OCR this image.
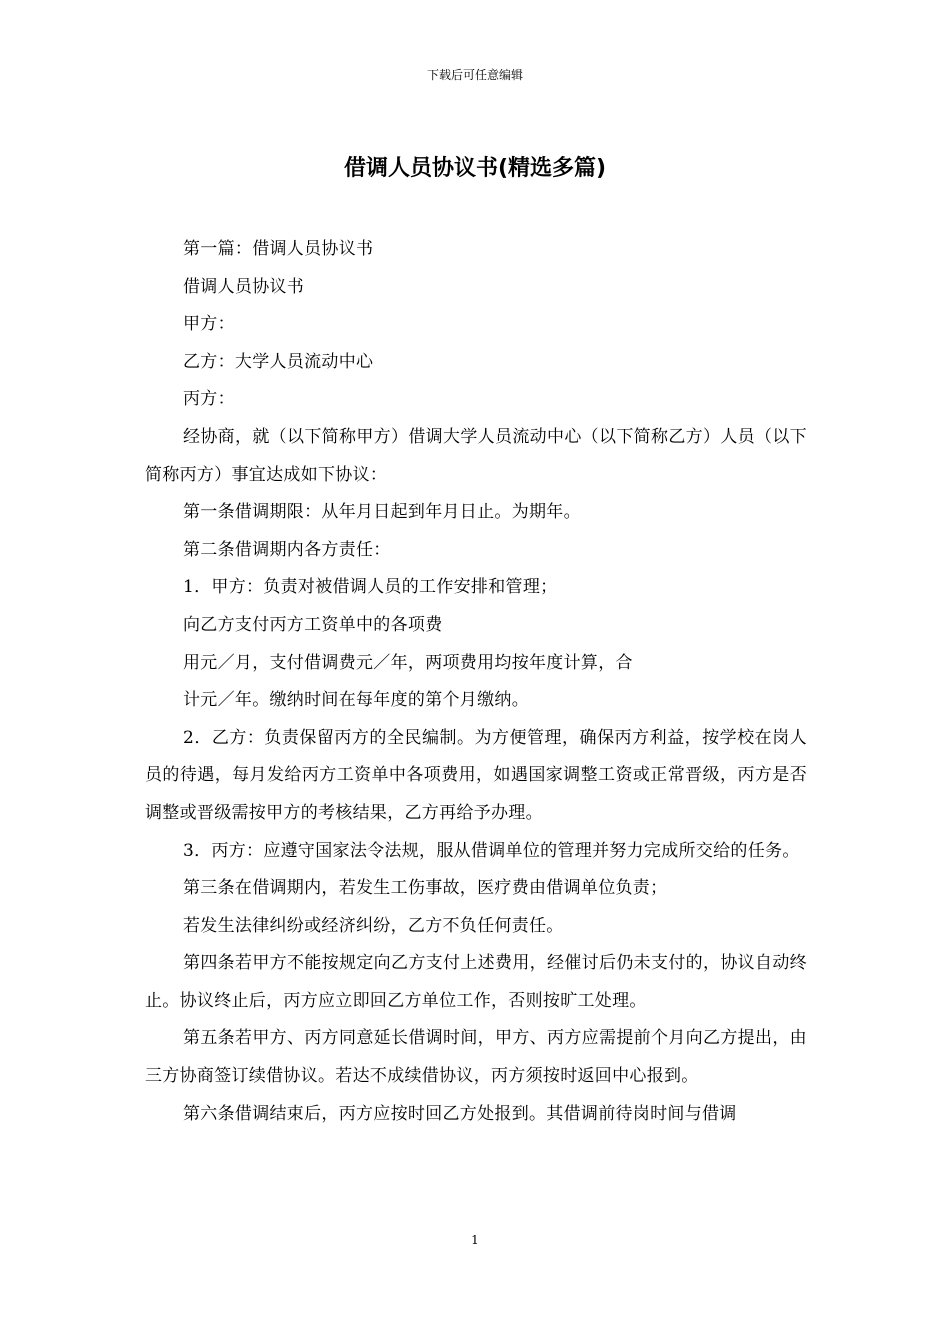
下载后可任意编辑
借调人员协议书(精选多篇)

第一篇：借调人员协议书

借调人员协议书

甲方：

乙方：大学人员流动中心

丙方：

经协商，就（以下简称甲方）借调大学人员流动中心（以下简称乙方）人员（以下简称丙方）事宜达成如下协议：

第一条借调期限：从年月日起到年月日止。为期年。

第二条借调期内各方责任：

1．甲方：负责对被借调人员的工作安排和管理；

向乙方支付丙方工资单中的各项费

用元／月，支付借调费元／年，两项费用均按年度计算，合

计元／年。缴纳时间在每年度的第个月缴纳。

2．乙方：负责保留丙方的全民编制。为方便管理，确保丙方利益，按学校在岗人员的待遇，每月发给丙方工资单中各项费用，如遇国家调整工资或正常晋级，丙方是否调整或晋级需按甲方的考核结果，乙方再给予办理。

3．丙方：应遵守国家法令法规，服从借调单位的管理并努力完成所交给的任务。

第三条在借调期内，若发生工伤事故，医疗费由借调单位负责；

若发生法律纠纷或经济纠纷，乙方不负任何责任。

第四条若甲方不能按规定向乙方支付上述费用，经催讨后仍未支付的，协议自动终止。协议终止后，丙方应立即回乙方单位工作，否则按旷工处理。

第五条若甲方、丙方同意延长借调时间，甲方、丙方应需提前个月向乙方提出，由三方协商签订续借协议。若达不成续借协议，丙方须按时返回中心报到。

第六条借调结束后，丙方应按时回乙方处报到。其借调前待岗时间与借调

1
